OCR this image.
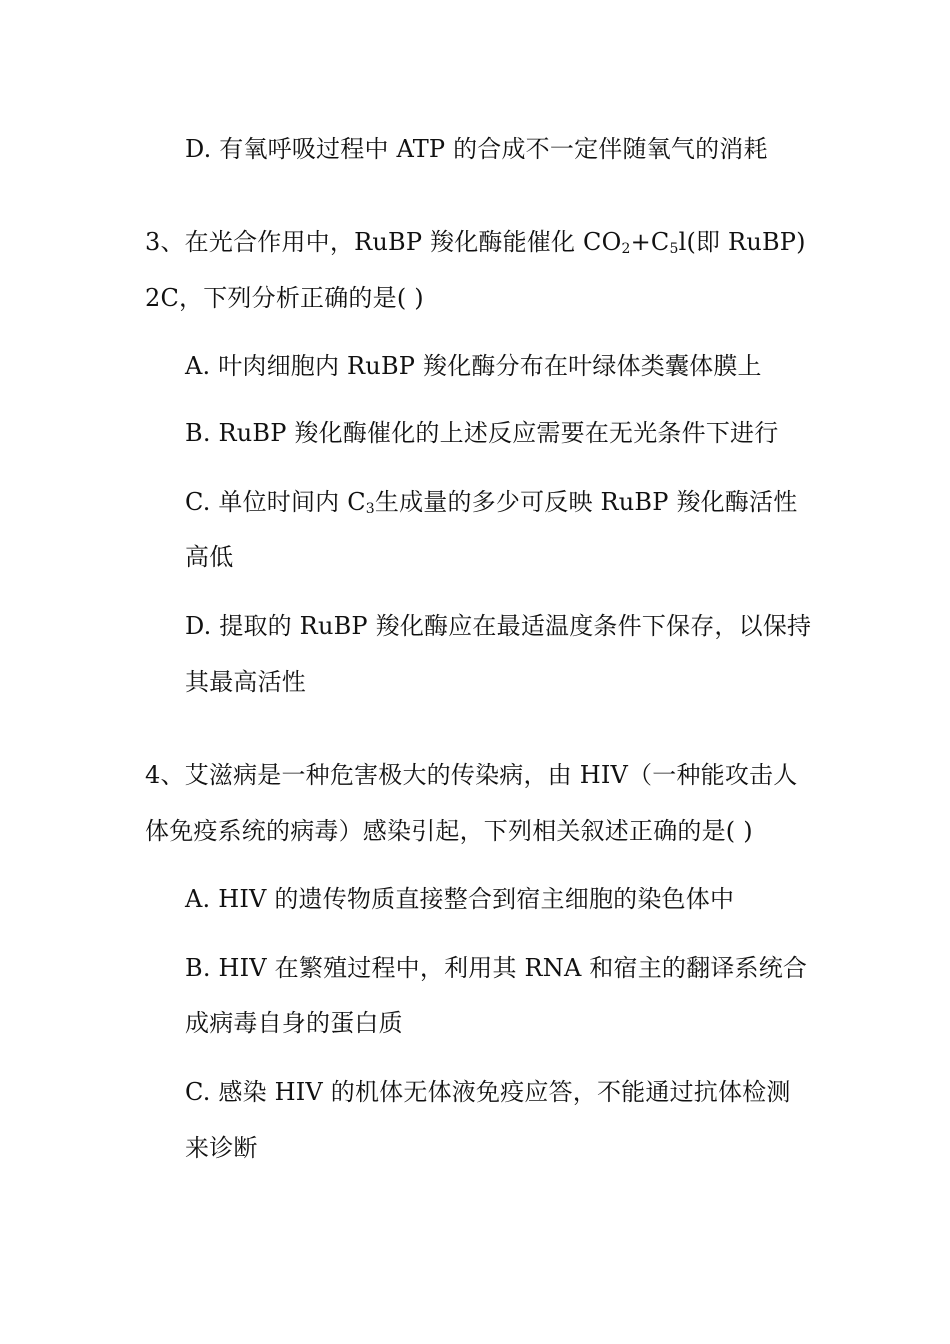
D. 有氧呼吸过程中 ATP 的合成不一定伴随氧气的消耗
3、在光合作用中，RuBP 羧化酶能催化 $CO_2+C_5l$(即 RuBP)
2C，下列分析正确的是( )
A. 叶肉细胞内 RuBP 羧化酶分布在叶绿体类囊体膜上
B. RuBP 羧化酶催化的上述反应需要在无光条件下进行
C. 单位时间内 $C_3$生成量的多少可反映 RuBP 羧化酶活性
高低
D. 提取的 RuBP 羧化酶应在最适温度条件下保存，以保持
其最高活性
4、艾滋病是一种危害极大的传染病，由 HIV（一种能攻击人
体免疫系统的病毒）感染引起，下列相关叙述正确的是( )
A. HIV 的遗传物质直接整合到宿主细胞的染色体中
B. HIV 在繁殖过程中，利用其 RNA 和宿主的翻译系统合
成病毒自身的蛋白质
C. 感染 HIV 的机体无体液免疫应答，不能通过抗体检测
来诊断
